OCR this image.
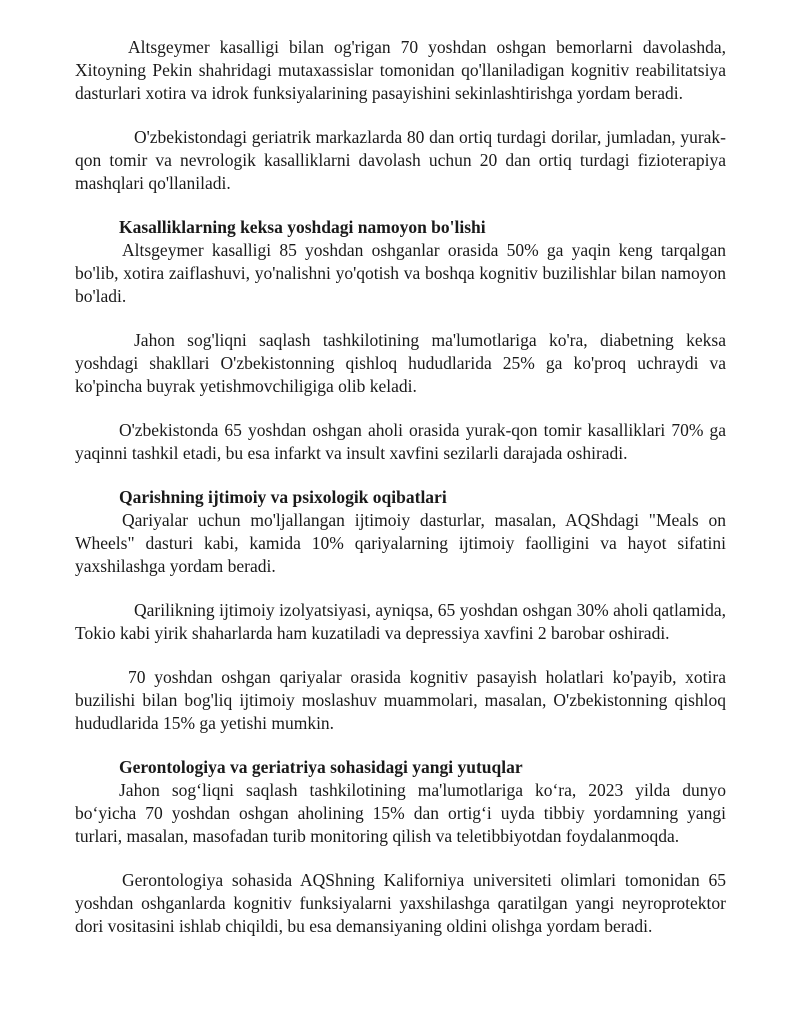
Altsgeymer kasalligi bilan og'rigan 70 yoshdan oshgan bemorlarni davolashda, Xitoyning Pekin shahridagi mutaxassislar tomonidan qo'llaniladigan kognitiv reabilitatsiya dasturlari xotira va idrok funksiyalarining pasayishini sekinlashtirishga yordam beradi.

O'zbekistondagi geriatrik markazlarda 80 dan ortiq turdagi dorilar, jumladan, yurak-qon tomir va nevrologik kasalliklarni davolash uchun 20 dan ortiq turdagi fizioterapiya mashqlari qo'llaniladi.

Kasalliklarning keksa yoshdagi namoyon bo'lishi

Altsgeymer kasalligi 85 yoshdan oshganlar orasida 50% ga yaqin keng tarqalgan bo'lib, xotira zaiflashuvi, yo'nalishni yo'qotish va boshqa kognitiv buzilishlar bilan namoyon bo'ladi.

Jahon sog'liqni saqlash tashkilotining ma'lumotlariga ko'ra, diabetning keksa yoshdagi shakllari O'zbekistonning qishloq hududlarida 25% ga ko'proq uchraydi va ko'pincha buyrak yetishmovchiligiga olib keladi.

O'zbekistonda 65 yoshdan oshgan aholi orasida yurak-qon tomir kasalliklari 70% ga yaqinni tashkil etadi, bu esa infarkt va insult xavfini sezilarli darajada oshiradi.

Qarishning ijtimoiy va psixologik oqibatlari

Qariyalar uchun mo'ljallangan ijtimoiy dasturlar, masalan, AQShdagi "Meals on Wheels" dasturi kabi, kamida 10% qariyalarning ijtimoiy faolligini va hayot sifatini yaxshilashga yordam beradi.

Qarilikning ijtimoiy izolyatsiyasi, ayniqsa, 65 yoshdan oshgan 30% aholi qatlamida, Tokio kabi yirik shaharlarda ham kuzatiladi va depressiya xavfini 2 barobar oshiradi.

70 yoshdan oshgan qariyalar orasida kognitiv pasayish holatlari ko'payib, xotira buzilishi bilan bog'liq ijtimoiy moslashuv muammolari, masalan, O'zbekistonning qishloq hududlarida 15% ga yetishi mumkin.

Gerontologiya va geriatriya sohasidagi yangi yutuqlar

Jahon sog‘liqni saqlash tashkilotining ma'lumotlariga ko‘ra, 2023 yilda dunyo bo‘yicha 70 yoshdan oshgan aholining 15% dan ortig‘i uyda tibbiy yordamning yangi turlari, masalan, masofadan turib monitoring qilish va teletibbiyotdan foydalanmoqda.

Gerontologiya sohasida AQShning Kaliforniya universiteti olimlari tomonidan 65 yoshdan oshganlarda kognitiv funksiyalarni yaxshilashga qaratilgan yangi neyroprotektor dori vositasini ishlab chiqildi, bu esa demansiyaning oldini olishga yordam beradi.
